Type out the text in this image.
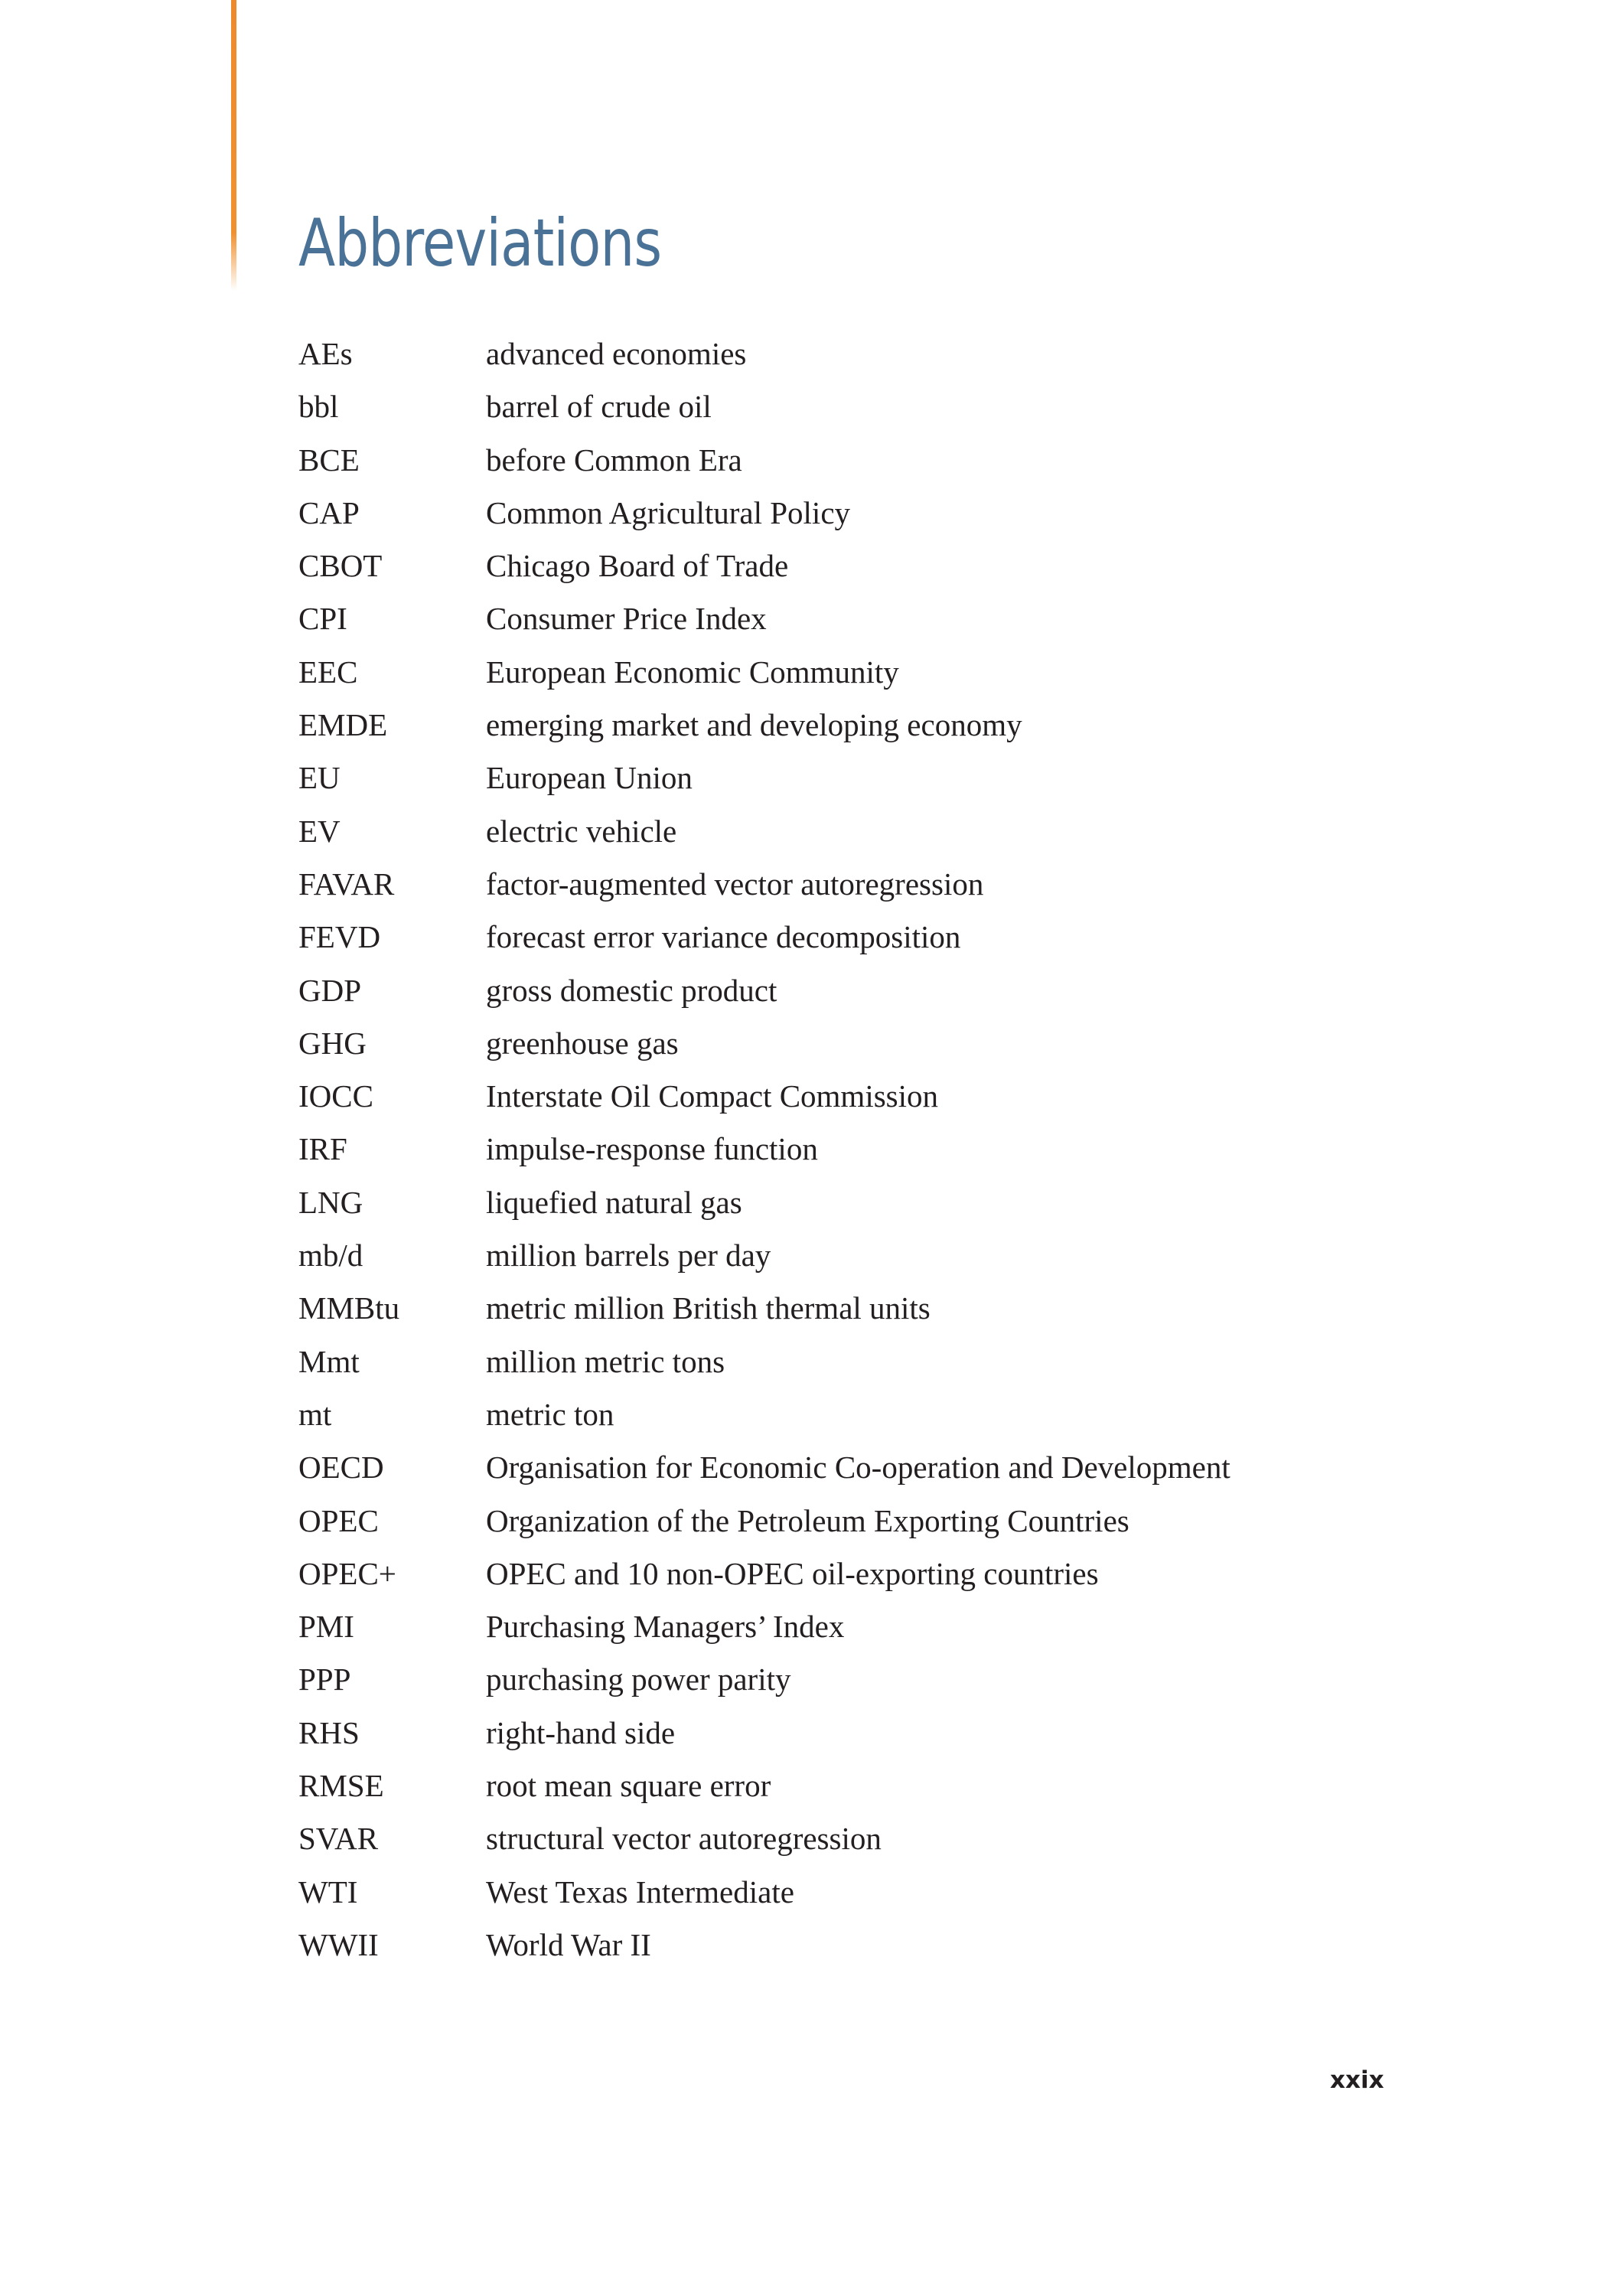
Abbreviations
AEs	advanced economies
bbl	barrel of crude oil
BCE	before Common Era
CAP	Common Agricultural Policy
CBOT	Chicago Board of Trade
CPI	Consumer Price Index
EEC	European Economic Community
EMDE	emerging market and developing economy
EU	European Union
EV	electric vehicle
FAVAR	factor-augmented vector autoregression
FEVD	forecast error variance decomposition
GDP	gross domestic product
GHG	greenhouse gas
IOCC	Interstate Oil Compact Commission
IRF	impulse-response function
LNG	liquefied natural gas
mb/d	million barrels per day
MMBtu	metric million British thermal units
Mmt	million metric tons
mt	metric ton
OECD	Organisation for Economic Co-operation and Development
OPEC	Organization of the Petroleum Exporting Countries
OPEC+	OPEC and 10 non-OPEC oil-exporting countries
PMI	Purchasing Managers’ Index
PPP	purchasing power parity
RHS	right-hand side
RMSE	root mean square error
SVAR	structural vector autoregression
WTI	West Texas Intermediate
WWII	World War II
xxix
